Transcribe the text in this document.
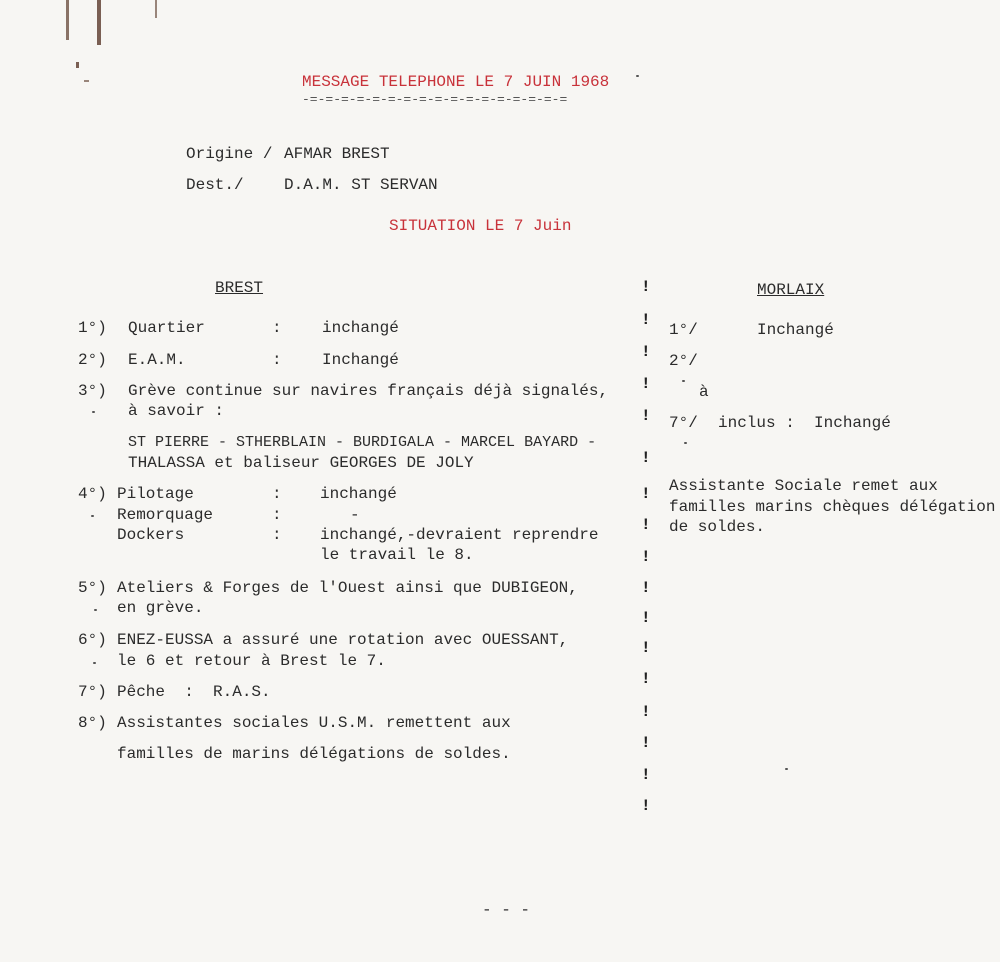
MESSAGE TELEPHONE LE 7 JUIN 1968
-=-=-=-=-=-=-=-=-=-=-=-=-=-=-=-=-=
Origine / AFMAR BREST
Dest./	D.A.M. ST SERVAN
SITUATION LE 7 Juin
BREST
1°) Quartier	:	inchangé
2°) E.A.M.	:	Inchangé
3°) Grève continue sur navires français déjà signalés,
à savoir :
ST PIERRE - STHERBLAIN - BURDIGALA - MARCEL BAYARD -
THALASSA et baliseur GEORGES DE JOLY
4°) Pilotage	: inchangé
Remorquage	:	-
Dockers	: inchangé,-devraient reprendre
le travail le 8.
5°) Ateliers & Forges de l'Ouest ainsi que DUBIGEON,
en grève.
6°) ENEZ-EUSSA a assuré une rotation avec OUESSANT,
le 6 et retour à Brest le 7.
7°) Pêche  :  R.A.S.
8°) Assistantes sociales U.S.M. remettent aux
familles de marins délégations de soldes.
!
!
!
!
!
!
!
!
!
!
!
!
!
!
!
!
!
MORLAIX
1°/	Inchangé
2°/
à
7°/ inclus :  Inchangé
Assistante Sociale remet aux
familles marins chèques délégation
de soldes.
- - -
